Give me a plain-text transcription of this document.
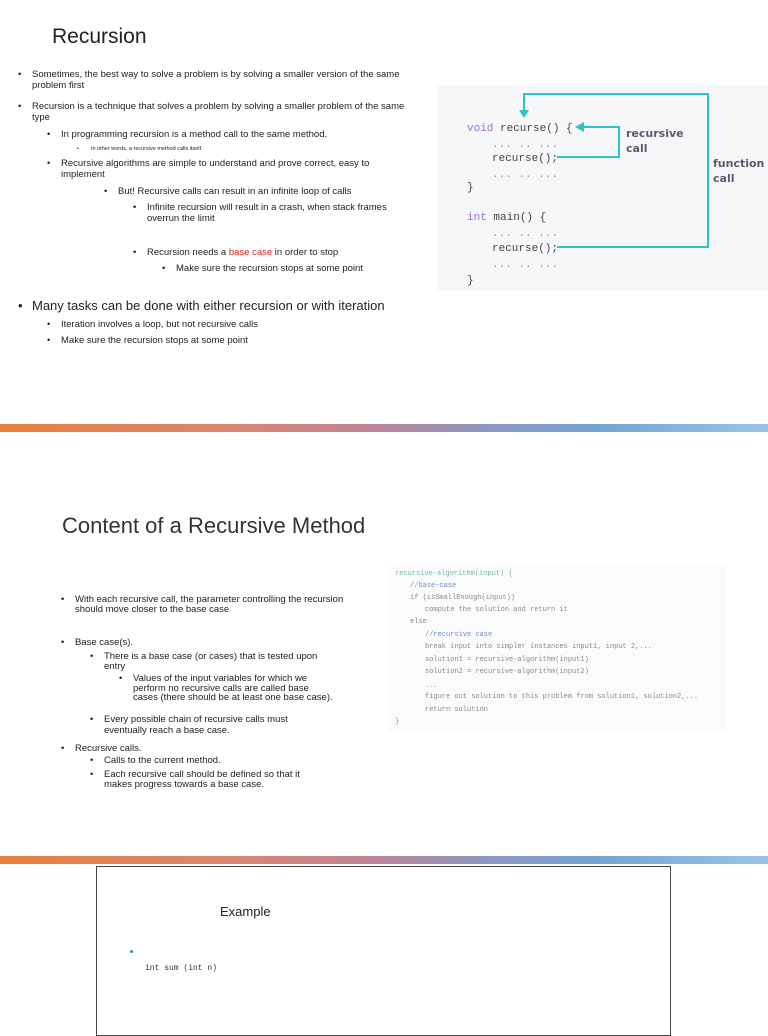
Recursion
• Sometimes, the best way to solve a problem is by solving a smaller version of the same problem first
• Recursion is a technique that solves a problem by solving a smaller problem of the same type
• In programming recursion is a method call to the same method.
• In other words, a recursive method calls itself.
• Recursive algorithms are simple to understand and prove correct, easy to implement
• But! Recursive calls can result in an infinite loop of calls
• Infinite recursion will result in a crash, when stack frames overrun the limit
• Recursion needs a base case in order to stop
• Make sure the recursion stops at some point
• Many tasks can be done with either recursion or with iteration
• Iteration involves a loop, but not recursive calls
• Make sure the recursion stops at some point
void recurse() {
... .. ...
recurse();
... .. ...
}
int main() {
... .. ...
recurse();
... .. ...
}
recursive
call
function
call
Content of a Recursive Method
• With each recursive call, the parameter controlling the recursion should move closer to the base case
• Base case(s).
• There is a base case (or cases) that is tested upon entry
• Values of the input variables for which we perform no recursive calls are called base cases (there should be at least one base case).
• Every possible chain of recursive calls must eventually reach a base case.
• Recursive calls.
• Calls to the current method.
• Each recursive call should be defined so that it makes progress towards a base case.
recursive-algorithm(input) {
//base-case
if (isSmallEnough(input))
compute the solution and return it
else
//recursive case
break input into simpler instances input1, input 2,...
solution1 = recursive-algorithm(input1)
solution2 = recursive-algorithm(input2)
...
figure out solution to this problem from solution1, solution2,...
return solution
}
Example
int sum (int n)
